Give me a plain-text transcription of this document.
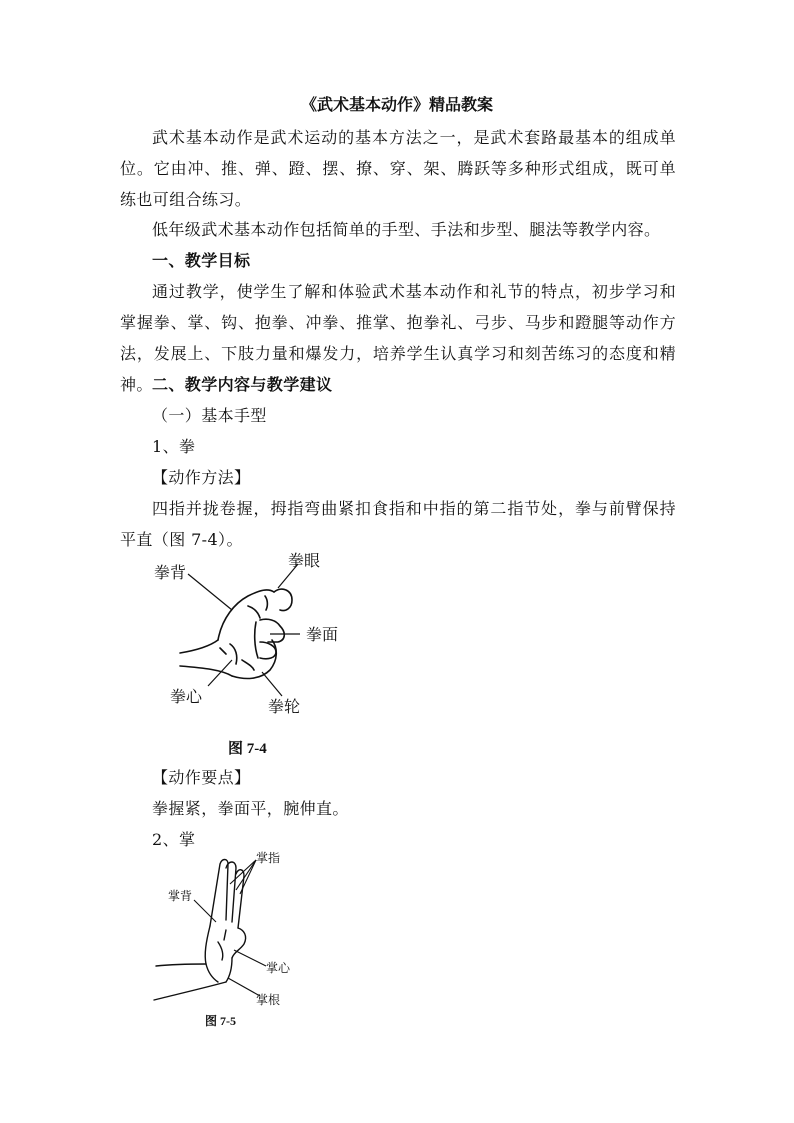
《武术基本动作》精品教案
武术基本动作是武术运动的基本方法之一，是武术套路最基本的组成单位。它由冲、推、弹、蹬、摆、撩、穿、架、腾跃等多种形式组成，既可单练也可组合练习。
低年级武术基本动作包括简单的手型、手法和步型、腿法等教学内容。
一、教学目标
通过教学，使学生了解和体验武术基本动作和礼节的特点，初步学习和掌握拳、掌、钩、抱拳、冲拳、推掌、抱拳礼、弓步、马步和蹬腿等动作方法，发展上、下肢力量和爆发力，培养学生认真学习和刻苦练习的态度和精神。 二、教学内容与教学建议
（一）基本手型
1、拳
【动作方法】
四指并拢卷握，拇指弯曲紧扣食指和中指的第二指节处，拳与前臂保持平直（图 7-4）。
拳背
拳眼
拳面
拳心
拳轮
图 7-4
【动作要点】
拳握紧，拳面平，腕伸直。
2、掌
掌指
掌背
掌心
掌根
图 7-5
